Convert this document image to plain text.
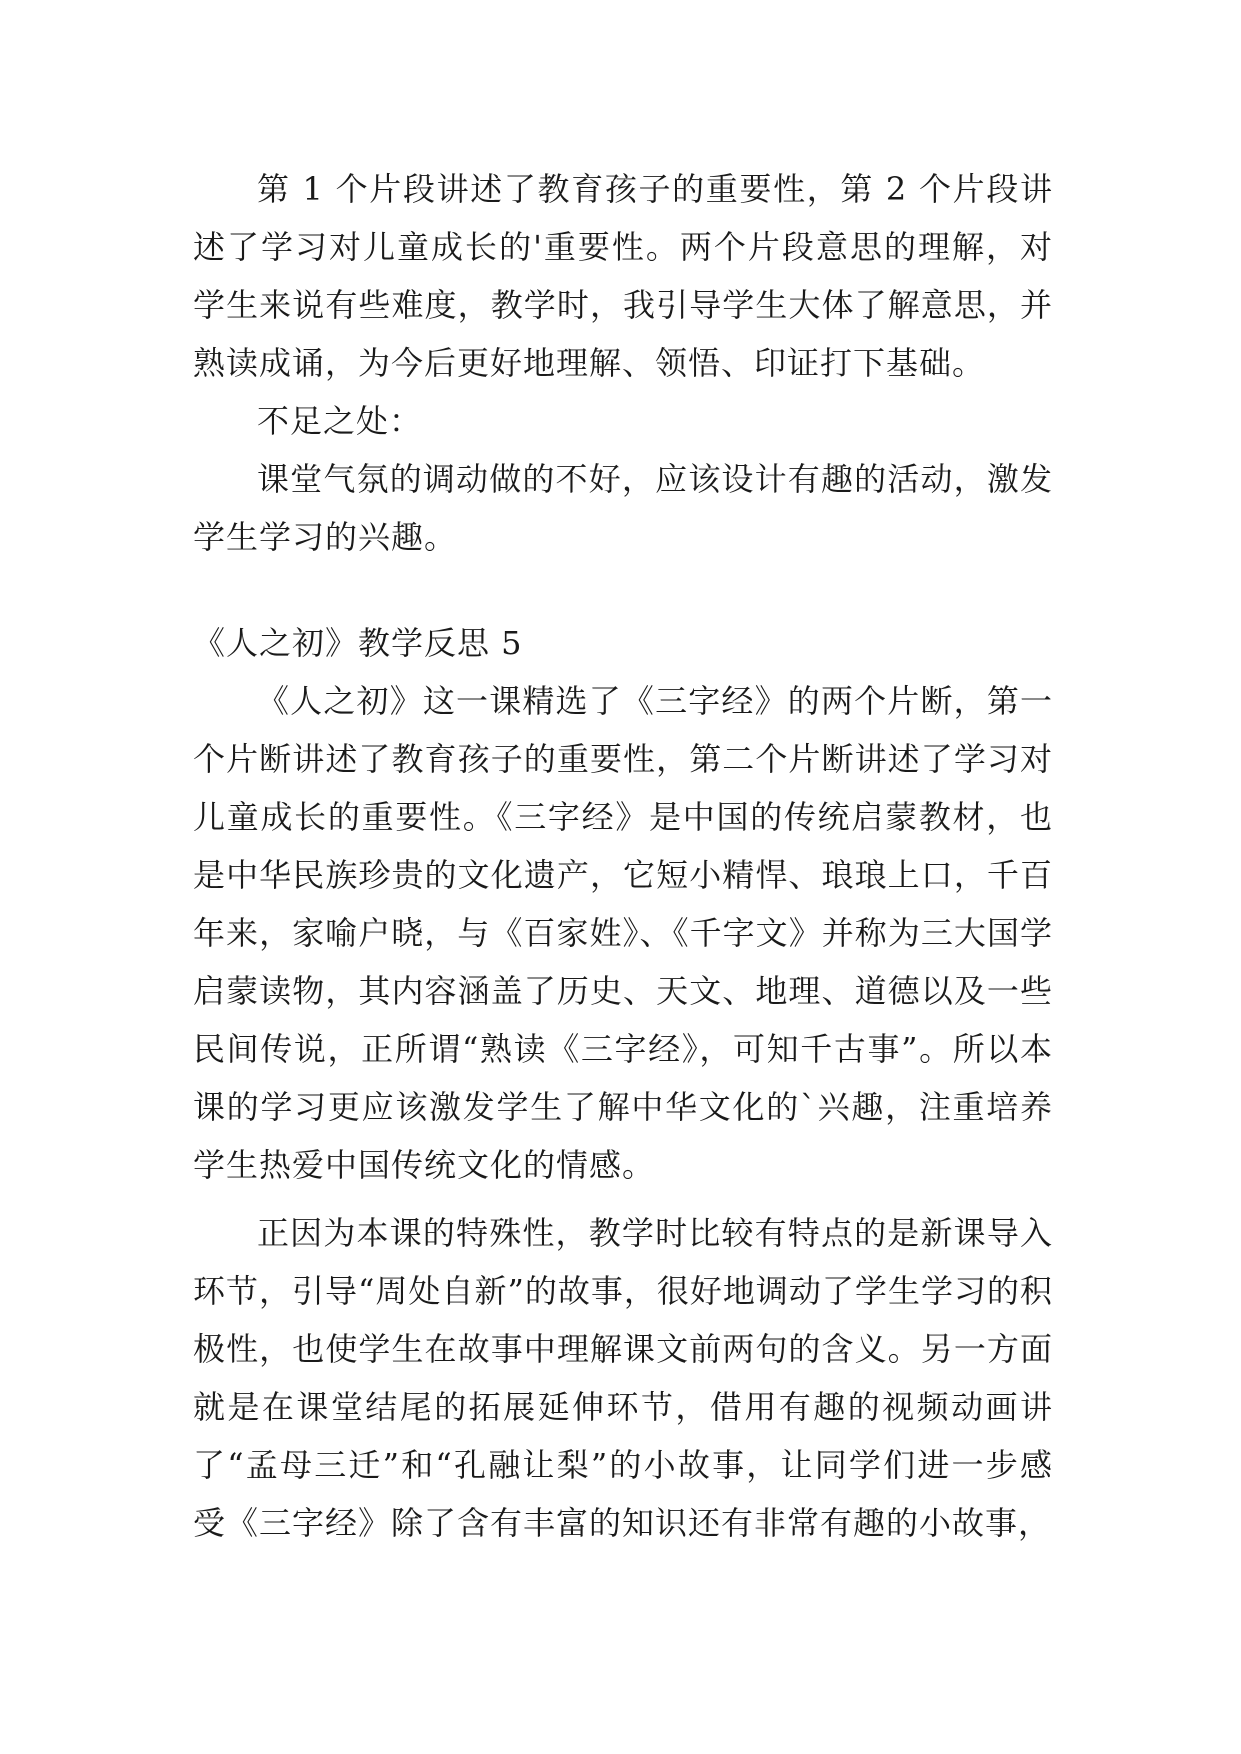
第 1 个片段讲述了教育孩子的重要性，第 2 个片段讲述了学习对儿童成长的'重要性。两个片段意思的理解，对学生来说有些难度，教学时，我引导学生大体了解意思，并熟读成诵，为今后更好地理解、领悟、印证打下基础。

不足之处：

课堂气氛的调动做的不好，应该设计有趣的活动，激发学生学习的兴趣。

《人之初》教学反思 5

《人之初》这一课精选了《三字经》的两个片断，第一个片断讲述了教育孩子的重要性，第二个片断讲述了学习对儿童成长的重要性。《三字经》是中国的传统启蒙教材，也是中华民族珍贵的文化遗产，它短小精悍、琅琅上口，千百年来，家喻户晓，与《百家姓》、《千字文》并称为三大国学启蒙读物，其内容涵盖了历史、天文、地理、道德以及一些民间传说，正所谓“熟读《三字经》，可知千古事”。所以本课的学习更应该激发学生了解中华文化的`兴趣，注重培养学生热爱中国传统文化的情感。

正因为本课的特殊性，教学时比较有特点的是新课导入环节，引导“周处自新”的故事，很好地调动了学生学习的积极性，也使学生在故事中理解课文前两句的含义。另一方面就是在课堂结尾的拓展延伸环节，借用有趣的视频动画讲了“孟母三迁”和“孔融让梨”的小故事，让同学们进一步感受《三字经》除了含有丰富的知识还有非常有趣的小故事，
